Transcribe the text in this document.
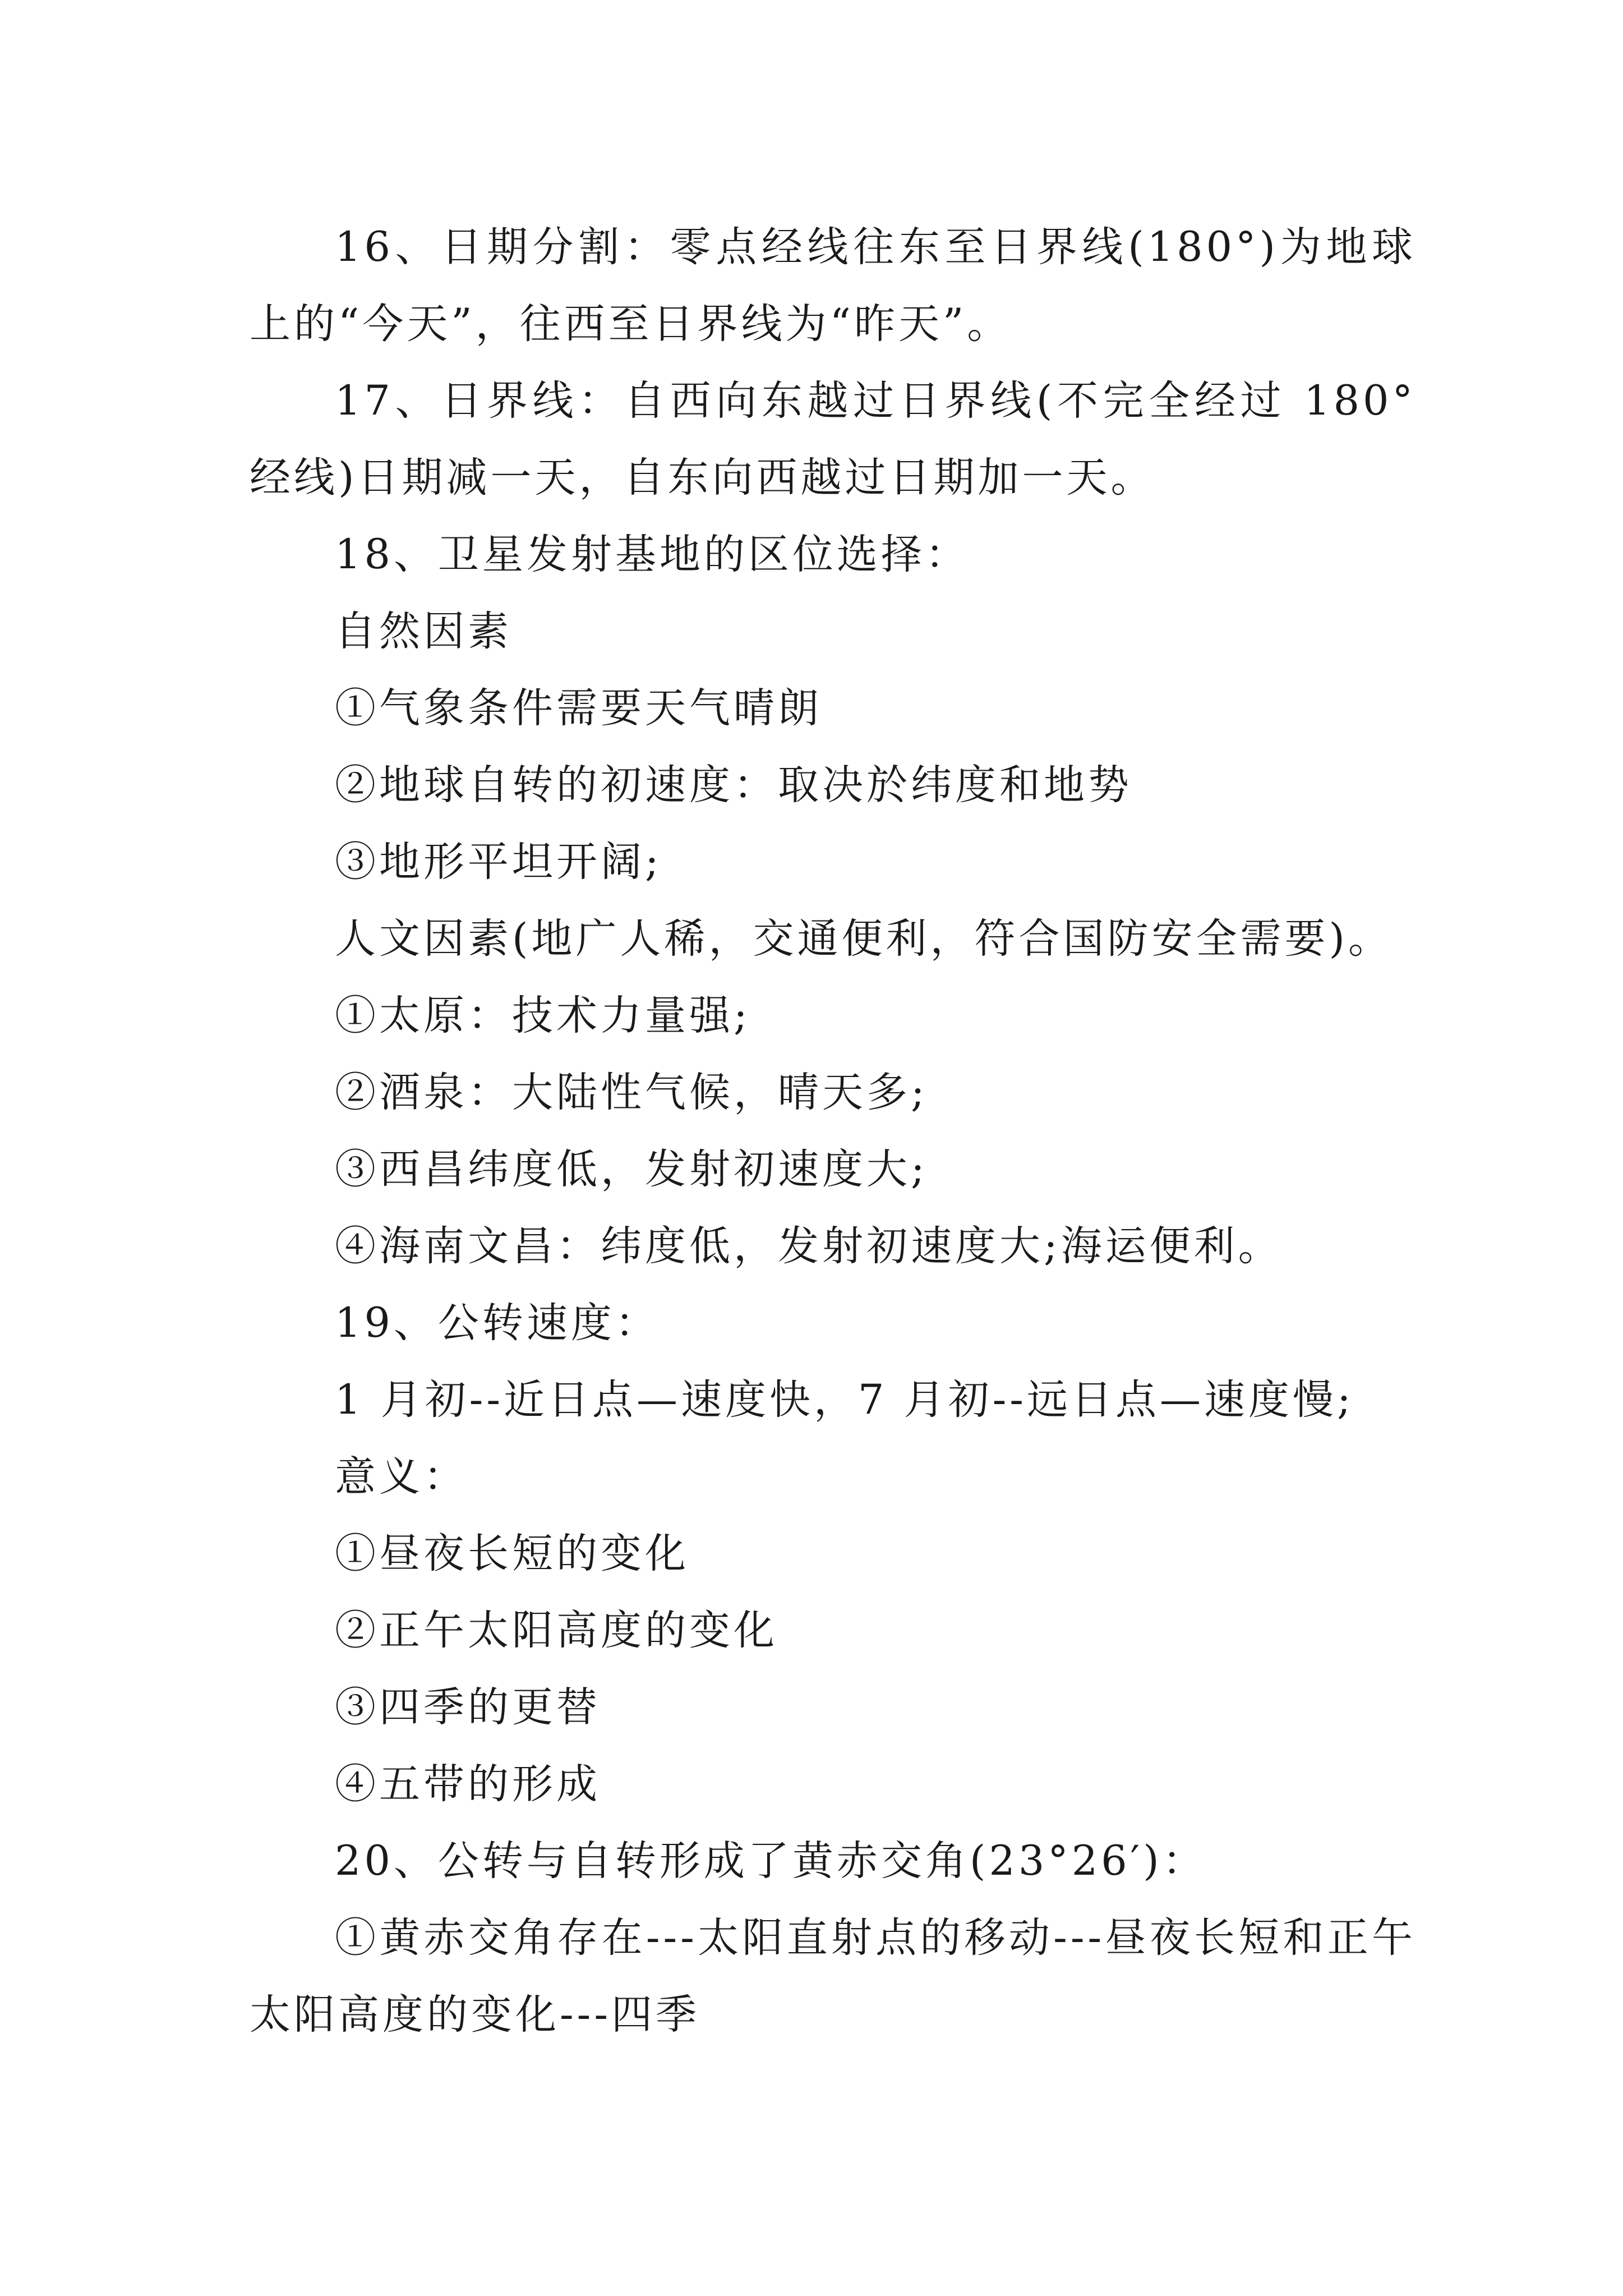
16、日期分割：零点经线往东至日界线(180°)为地球上的“今天”，往西至日界线为“昨天”。

17、日界线：自西向东越过日界线(不完全经过 180°经线)日期减一天，自东向西越过日期加一天。

18、卫星发射基地的区位选择：

自然因素

①气象条件需要天气晴朗

②地球自转的初速度：取决於纬度和地势

③地形平坦开阔;

人文因素(地广人稀，交通便利，符合国防安全需要)。

①太原：技术力量强;

②酒泉：大陆性气候，晴天多;

③西昌纬度低，发射初速度大;

④海南文昌：纬度低，发射初速度大;海运便利。

19、公转速度：

1 月初--近日点—速度快，7 月初--远日点—速度慢;

意义：

①昼夜长短的变化

②正午太阳高度的变化

③四季的更替

④五带的形成

20、公转与自转形成了黄赤交角(23°26′)：

①黄赤交角存在---太阳直射点的移动---昼夜长短和正午太阳高度的变化---四季
